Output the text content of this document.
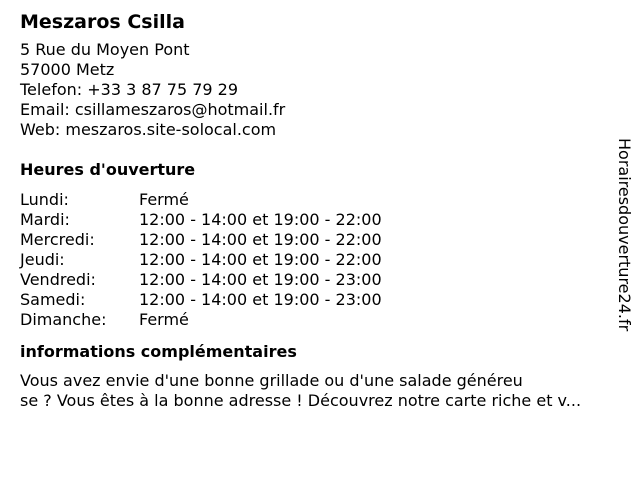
Meszaros Csilla
5 Rue du Moyen Pont
57000 Metz
Telefon: +33 3 87 75 79 29
Email: csillameszaros@hotmail.fr
Web: meszaros.site-solocal.com
Heures d'ouverture
Lundi:	Fermé
Mardi:	12:00 - 14:00 et 19:00 - 22:00
Mercredi:	12:00 - 14:00 et 19:00 - 22:00
Jeudi:	12:00 - 14:00 et 19:00 - 22:00
Vendredi:	12:00 - 14:00 et 19:00 - 23:00
Samedi:	12:00 - 14:00 et 19:00 - 23:00
Dimanche:	Fermé
informations complémentaires
Vous avez envie d'une bonne grillade ou d'une salade généreu
se ? Vous êtes à la bonne adresse ! Découvrez notre carte riche et v...
Horairesdouverture24.fr
